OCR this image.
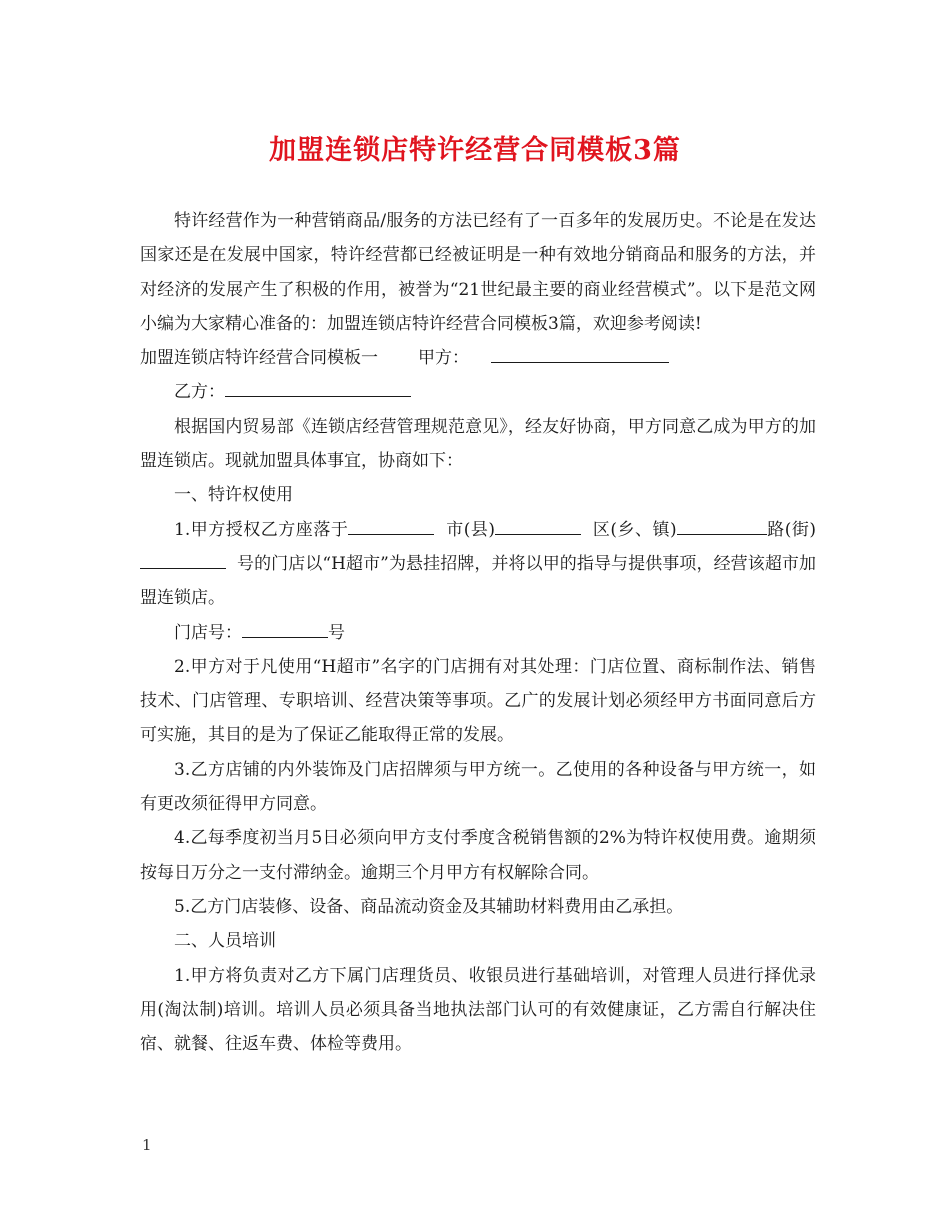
加盟连锁店特许经营合同模板3篇

特许经营作为一种营销商品/服务的方法已经有了一百多年的发展历史。不论是在发达国家还是在发展中国家，特许经营都已经被证明是一种有效地分销商品和服务的方法，并对经济的发展产生了积极的作用，被誉为“21世纪最主要的商业经营模式”。以下是范文网小编为大家精心准备的：加盟连锁店特许经营合同模板3篇，欢迎参考阅读!

加盟连锁店特许经营合同模板一 甲方：

乙方：

根据国内贸易部《连锁店经营管理规范意见》，经友好协商，甲方同意乙成为甲方的加盟连锁店。现就加盟具体事宜，协商如下：

一、特许权使用

1.甲方授权乙方座落于	市(县)	区(乡、镇)	路(街)  号的门店以“H超市”为悬挂招牌，并将以甲的指导与提供事项，经营该超市加盟连锁店。

门店号：	号

2.甲方对于凡使用“H超市”名字的门店拥有对其处理：门店位置、商标制作法、销售技术、门店管理、专职培训、经营决策等事项。乙广的发展计划必须经甲方书面同意后方可实施，其目的是为了保证乙能取得正常的发展。

3.乙方店铺的内外装饰及门店招牌须与甲方统一。乙使用的各种设备与甲方统一，如有更改须征得甲方同意。

4.乙每季度初当月5日必须向甲方支付季度含税销售额的2%为特许权使用费。逾期须按每日万分之一支付滞纳金。逾期三个月甲方有权解除合同。

5.乙方门店装修、设备、商品流动资金及其辅助材料费用由乙承担。

二、人员培训

1.甲方将负责对乙方下属门店理货员、收银员进行基础培训，对管理人员进行择优录用(淘汰制)培训。培训人员必须具备当地执法部门认可的有效健康证，乙方需自行解决住宿、就餐、往返车费、体检等费用。

1
